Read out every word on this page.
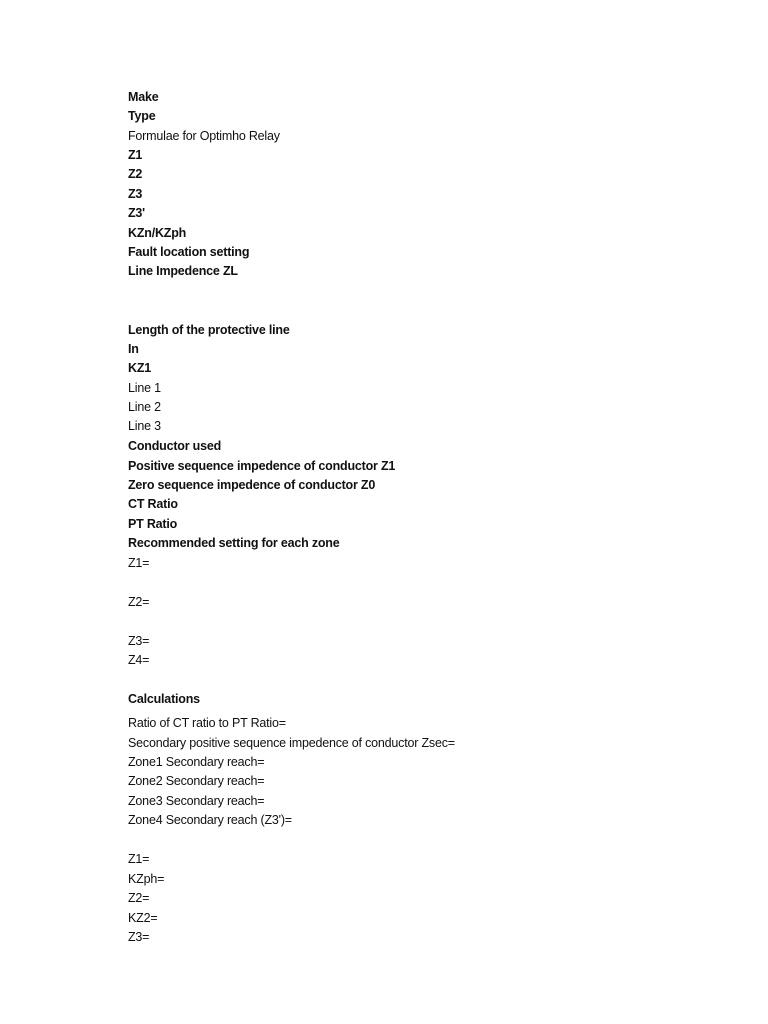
Make
Type
Formulae for Optimho Relay
Z1
Z2
Z3
Z3'
KZn/KZph
Fault location setting
Line Impedence ZL
Length of the protective line
In
KZ1
Line 1
Line 2
Line 3
Conductor used
Positive sequence impedence of conductor Z1
Zero sequence impedence of conductor Z0
CT Ratio
PT Ratio
Recommended setting for each zone
Z1=
Z2=
Z3=
Z4=
Calculations
Ratio of CT ratio to PT Ratio=
Secondary positive sequence impedence of conductor Zsec=
Zone1 Secondary reach=
Zone2 Secondary reach=
Zone3 Secondary reach=
Zone4 Secondary reach (Z3')=
Z1=
KZph=
Z2=
KZ2=
Z3=
